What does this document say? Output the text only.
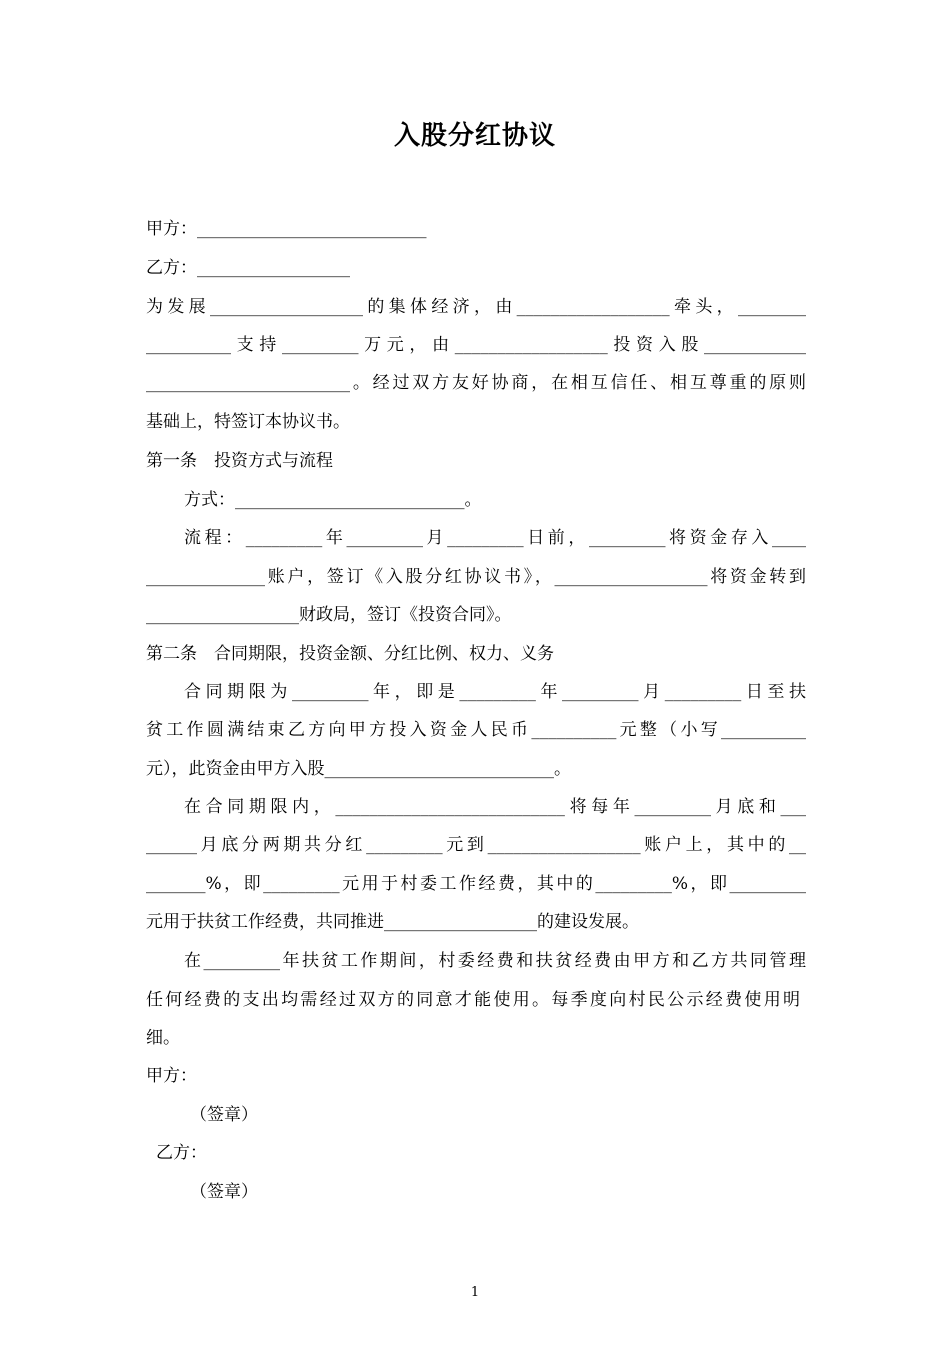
入股分红协议
甲方：___________________________
乙方：__________________
为发展__________________的集体经济，由__________________牵头，________
__________支持_________万元，由__________________投资入股____________
________________________。经过双方友好协商，在相互信任、相互尊重的原则
基础上，特签订本协议书。
第一条　投资方式与流程
方式：___________________________。
流程：_________年_________月_________日前，_________将资金存入____
______________账户，签订《入股分红协议书》，__________________将资金转到
__________________财政局，签订《投资合同》。
第二条　合同期限，投资金额、分红比例、权力、义务
合同期限为_________年，即是_________年_________月_________日至扶
贫工作圆满结束乙方向甲方投入资金人民币__________元整（小写__________
元），此资金由甲方入股___________________________。
在合同期限内，___________________________将每年_________月底和___
______月底分两期共分红_________元到__________________账户上，其中的__
_______%，即_________元用于村委工作经费，其中的_________%，即_________
元用于扶贫工作经费，共同推进__________________的建设发展。
在_________年扶贫工作期间，村委经费和扶贫经费由甲方和乙方共同管理
任何经费的支出均需经过双方的同意才能使用。每季度向村民公示经费使用明
细。
甲方：
（签章）
乙方：
（签章）
1
